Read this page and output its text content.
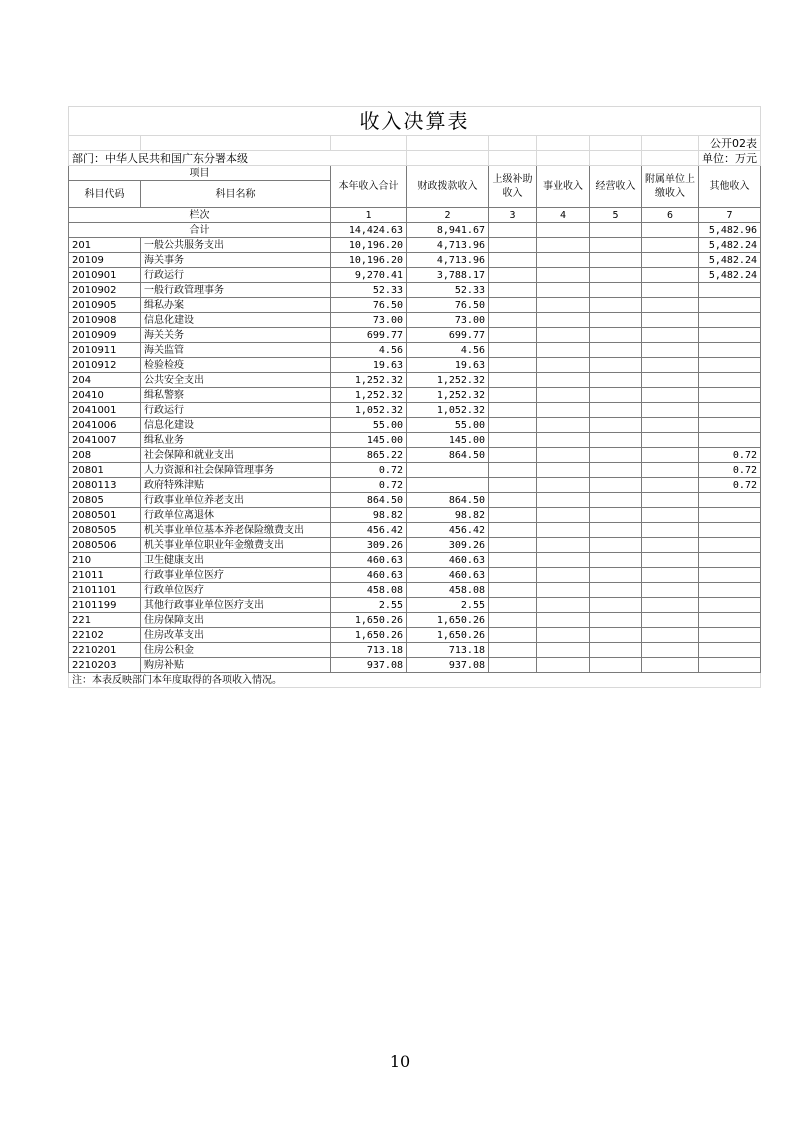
收入决算表								
								公开02表
部门：中华人民共和国广东分署本级								单位：万元
项目		本年收入合计	财政拨款收入	上级补助收入	事业收入	经营收入	附属单位上缴收入	其他收入
科目代码	科目名称							
栏次		1	2	3	4	5	6	7
合计		14,424.63	8,941.67					5,482.96
201	一般公共服务支出	10,196.20	4,713.96					5,482.24
20109	海关事务	10,196.20	4,713.96					5,482.24
2010901	行政运行	9,270.41	3,788.17					5,482.24
2010902	一般行政管理事务	52.33	52.33					
2010905	缉私办案	76.50	76.50					
2010908	信息化建设	73.00	73.00					
2010909	海关关务	699.77	699.77					
2010911	海关监管	4.56	4.56					
2010912	检验检疫	19.63	19.63					
204	公共安全支出	1,252.32	1,252.32					
20410	缉私警察	1,252.32	1,252.32					
2041001	行政运行	1,052.32	1,052.32					
2041006	信息化建设	55.00	55.00					
2041007	缉私业务	145.00	145.00					
208	社会保障和就业支出	865.22	864.50					0.72
20801	人力资源和社会保障管理事务	0.72						0.72
2080113	政府特殊津贴	0.72						0.72
20805	行政事业单位养老支出	864.50	864.50					
2080501	行政单位离退休	98.82	98.82					
2080505	机关事业单位基本养老保险缴费支出	456.42	456.42					
2080506	机关事业单位职业年金缴费支出	309.26	309.26					
210	卫生健康支出	460.63	460.63					
21011	行政事业单位医疗	460.63	460.63					
2101101	行政单位医疗	458.08	458.08					
2101199	其他行政事业单位医疗支出	2.55	2.55					
221	住房保障支出	1,650.26	1,650.26					
22102	住房改革支出	1,650.26	1,650.26					
2210201	住房公积金	713.18	713.18					
2210203	购房补贴	937.08	937.08					
注：本表反映部门本年度取得的各项收入情况。								
10
